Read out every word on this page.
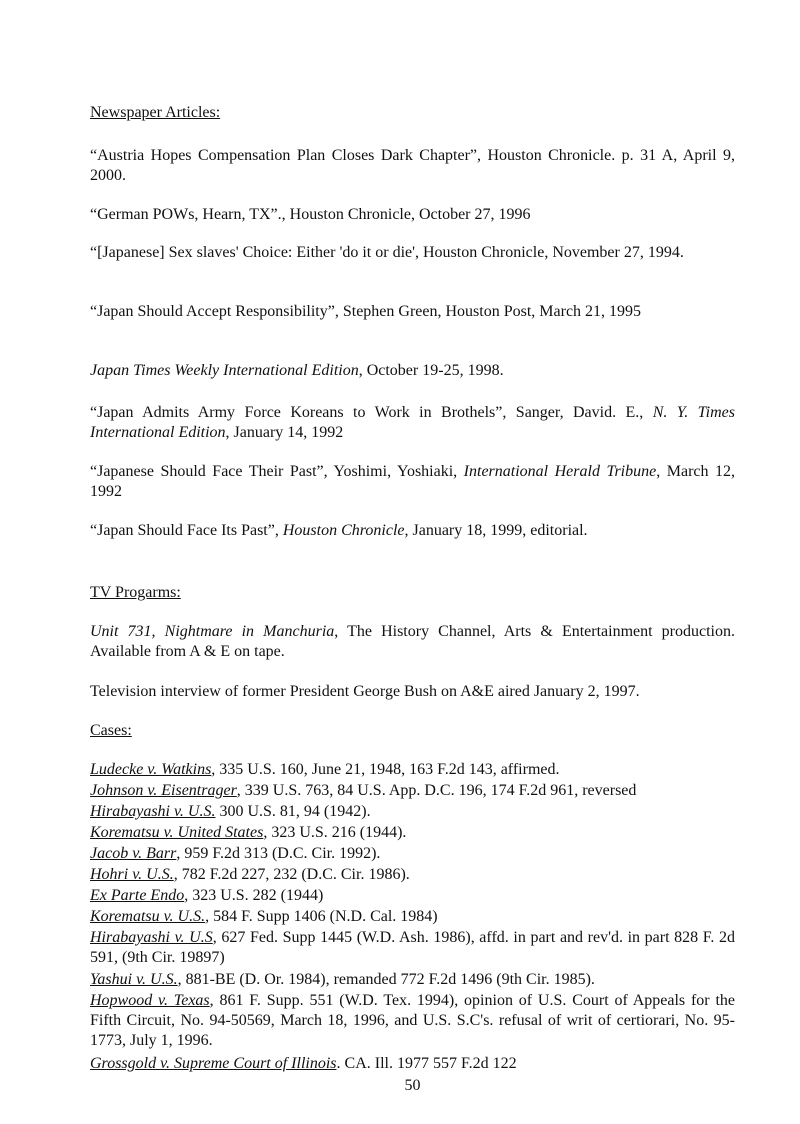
Newspaper Articles:
“Austria Hopes Compensation Plan Closes Dark Chapter”, Houston Chronicle. p. 31 A, April 9, 2000.
“German POWs, Hearn, TX”., Houston Chronicle, October 27, 1996
“[Japanese] Sex slaves' Choice: Either 'do it or die', Houston Chronicle, November 27, 1994.
“Japan Should Accept Responsibility”, Stephen Green, Houston Post, March 21, 1995
Japan Times Weekly International Edition, October 19-25, 1998.
“Japan Admits Army Force Koreans to Work in Brothels”, Sanger, David. E., N. Y. Times International Edition, January 14, 1992
“Japanese Should Face Their Past”, Yoshimi, Yoshiaki, International Herald Tribune, March 12, 1992
“Japan Should Face Its Past”, Houston Chronicle, January 18, 1999, editorial.
TV Progarms:
Unit 731, Nightmare in Manchuria, The History Channel, Arts & Entertainment production. Available from A & E on tape.
Television interview of former President George Bush on A&E aired January 2, 1997.
Cases:
Ludecke v. Watkins, 335 U.S. 160, June 21, 1948, 163 F.2d 143, affirmed.
Johnson v. Eisentrager, 339 U.S. 763, 84 U.S. App. D.C. 196, 174 F.2d 961, reversed
Hirabayashi v. U.S. 300 U.S. 81, 94 (1942).
Korematsu v. United States, 323 U.S. 216 (1944).
Jacob v. Barr, 959 F.2d 313 (D.C. Cir. 1992).
Hohri v. U.S., 782 F.2d 227, 232 (D.C. Cir. 1986).
Ex Parte Endo, 323 U.S. 282 (1944)
Korematsu v. U.S., 584 F. Supp 1406 (N.D. Cal. 1984)
Hirabayashi v. U.S, 627 Fed. Supp 1445 (W.D. Ash. 1986), affd. in part and rev'd. in part 828 F. 2d 591, (9th Cir. 19897)
Yashui v. U.S., 881-BE (D. Or. 1984), remanded 772 F.2d 1496 (9th Cir. 1985).
Hopwood v. Texas, 861 F. Supp. 551 (W.D. Tex. 1994), opinion of U.S. Court of Appeals for the Fifth Circuit, No. 94-50569, March 18, 1996, and U.S. S.C's. refusal of writ of certiorari, No. 95-1773, July 1, 1996.
Grossgold v. Supreme Court of Illinois. CA. Ill. 1977 557 F.2d 122
50
